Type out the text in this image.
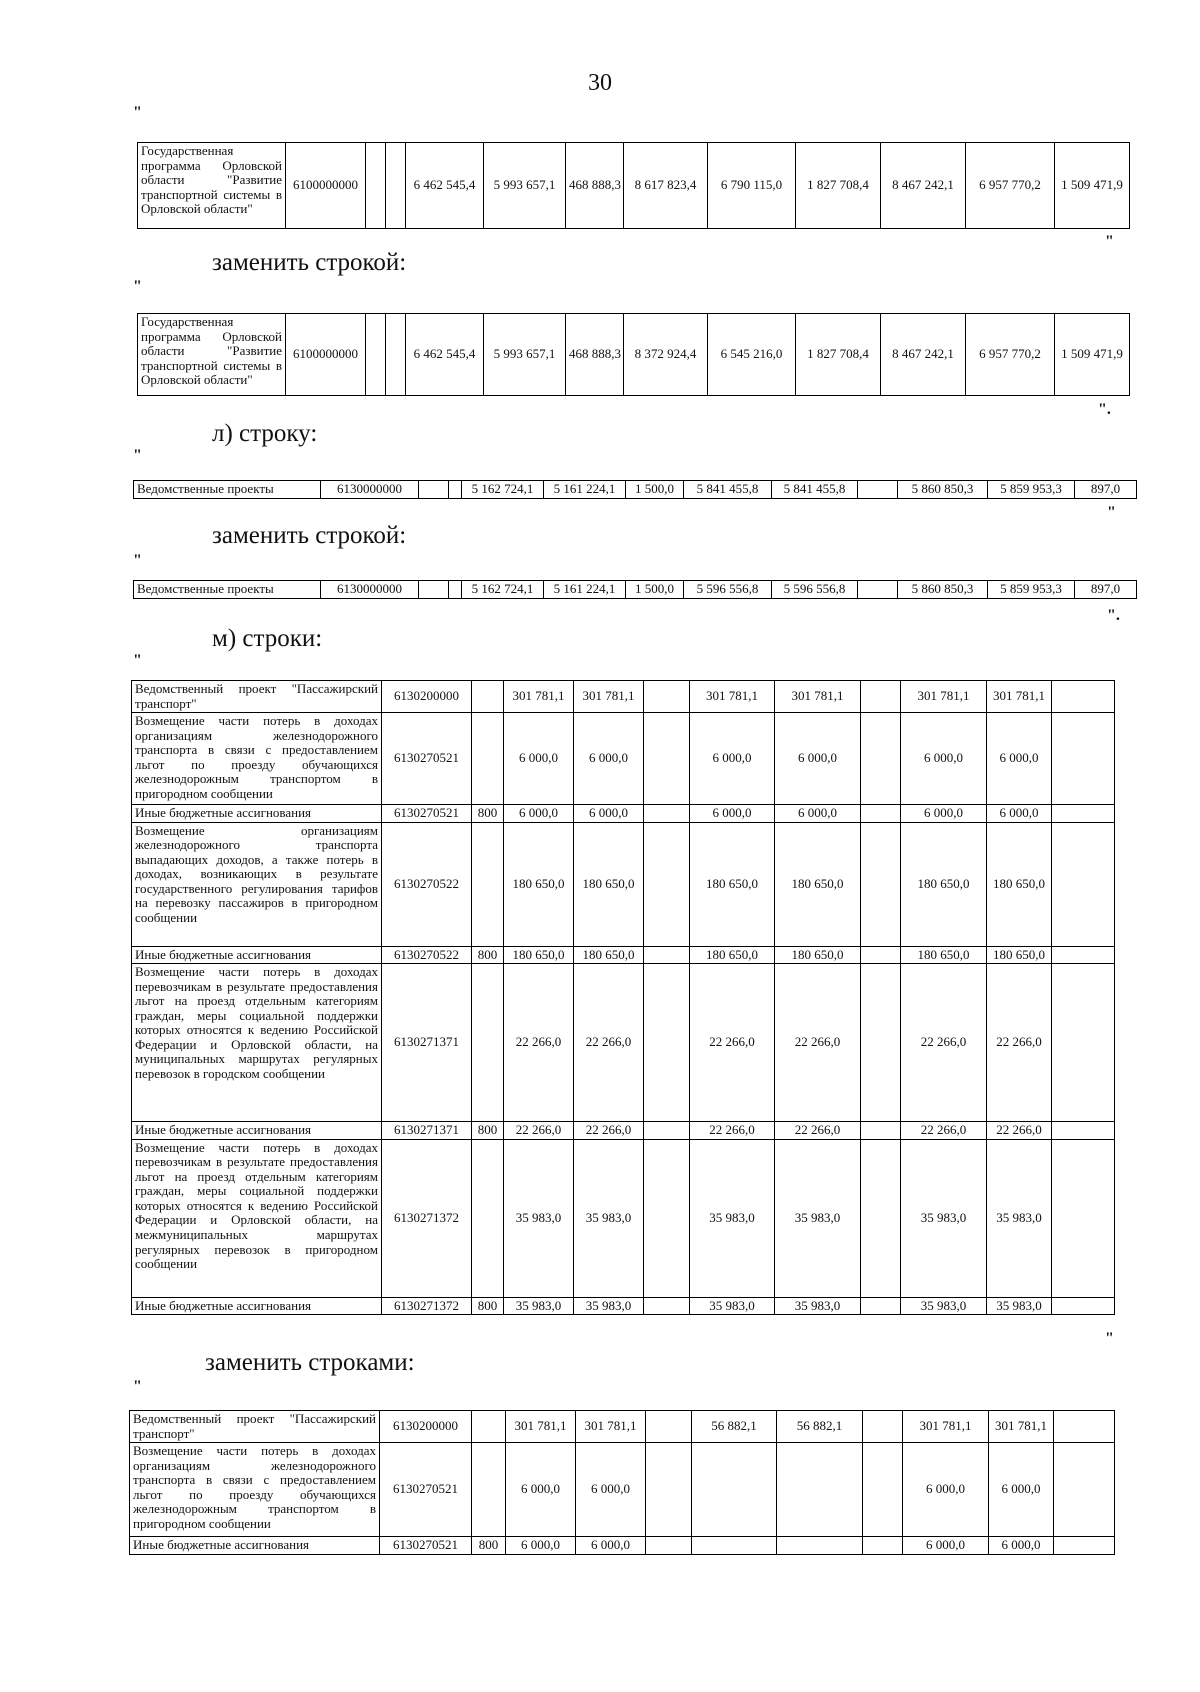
30
"
Государственная программа Орловской области "Развитие транспортной системы в Орловской области"	6100000000			6 462 545,4	5 993 657,1	468 888,3	8 617 823,4	6 790 115,0	1 827 708,4	8 467 242,1	6 957 770,2	1 509 471,9
"
заменить строкой:
"
Государственная программа Орловской области "Развитие транспортной системы в Орловской области"	6100000000			6 462 545,4	5 993 657,1	468 888,3	8 372 924,4	6 545 216,0	1 827 708,4	8 467 242,1	6 957 770,2	1 509 471,9
".
л) строку:
"
Ведомственные проекты	6130000000			5 162 724,1	5 161 224,1	1 500,0	5 841 455,8	5 841 455,8		5 860 850,3	5 859 953,3	897,0
"
заменить строкой:
"
Ведомственные проекты	6130000000			5 162 724,1	5 161 224,1	1 500,0	5 596 556,8	5 596 556,8		5 860 850,3	5 859 953,3	897,0
".
м) строки:
"
Ведомственный проект "Пассажирский транспорт"	6130200000		301 781,1	301 781,1		301 781,1	301 781,1		301 781,1	301 781,1	
Возмещение части потерь в доходах организациям железнодорожного транспорта в связи с предоставлением льгот по проезду обучающихся железнодорожным транспортом в пригородном сообщении	6130270521		6 000,0	6 000,0		6 000,0	6 000,0		6 000,0	6 000,0	
Иные бюджетные ассигнования	6130270521	800	6 000,0	6 000,0		6 000,0	6 000,0		6 000,0	6 000,0	
Возмещение организациям железнодорожного транспорта выпадающих доходов, а также потерь в доходах, возникающих в результате государственного регулирования тарифов на перевозку пассажиров в пригородном сообщении	6130270522		180 650,0	180 650,0		180 650,0	180 650,0		180 650,0	180 650,0	
Иные бюджетные ассигнования	6130270522	800	180 650,0	180 650,0		180 650,0	180 650,0		180 650,0	180 650,0	
Возмещение части потерь в доходах перевозчикам в результате предоставления льгот на проезд отдельным категориям граждан, меры социальной поддержки которых относятся к ведению Российской Федерации и Орловской области, на муниципальных маршрутах регулярных перевозок в городском сообщении	6130271371		22 266,0	22 266,0		22 266,0	22 266,0		22 266,0	22 266,0	
Иные бюджетные ассигнования	6130271371	800	22 266,0	22 266,0		22 266,0	22 266,0		22 266,0	22 266,0	
Возмещение части потерь в доходах перевозчикам в результате предоставления льгот на проезд отдельным категориям граждан, меры социальной поддержки которых относятся к ведению Российской Федерации и Орловской области, на межмуниципальных маршрутах регулярных перевозок в пригородном сообщении	6130271372		35 983,0	35 983,0		35 983,0	35 983,0		35 983,0	35 983,0	
Иные бюджетные ассигнования	6130271372	800	35 983,0	35 983,0		35 983,0	35 983,0		35 983,0	35 983,0	
"
заменить строками:
"
Ведомственный проект "Пассажирский транспорт"	6130200000		301 781,1	301 781,1		56 882,1	56 882,1		301 781,1	301 781,1	
Возмещение части потерь в доходах организациям железнодорожного транспорта в связи с предоставлением льгот по проезду обучающихся железнодорожным транспортом в пригородном сообщении	6130270521		6 000,0	6 000,0					6 000,0	6 000,0	
Иные бюджетные ассигнования	6130270521	800	6 000,0	6 000,0					6 000,0	6 000,0	
